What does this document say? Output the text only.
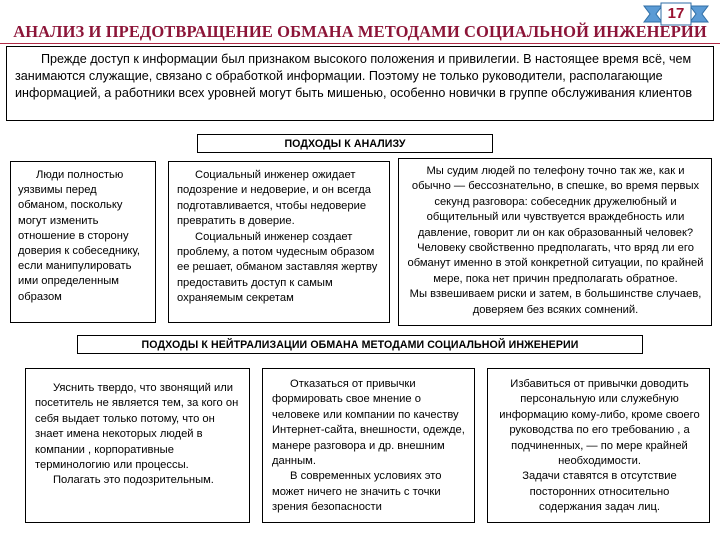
17
АНАЛИЗ И ПРЕДОТВРАЩЕНИЕ ОБМАНА МЕТОДАМИ СОЦИАЛЬНОЙ ИНЖЕНЕРИИ
Прежде доступ к информации был признаком высокого положения и привилегии. В настоящее время всё, чем занимаются служащие, связано с обработкой информации. Поэтому не только руководители, располагающие информацией, а работники всех уровней могут быть мишенью, особенно новички в группе обслуживания клиентов
ПОДХОДЫ К АНАЛИЗУ

Люди полностью уязвимы перед обманом, поскольку могут изменить отношение в сторону доверия к собеседнику, если манипулировать ими определенным образом

Социальный инженер ожидает подозрение и недоверие, и он всегда подготавливается, чтобы недоверие превратить в доверие.

Социальный инженер создает проблему, а потом чудесным образом ее решает, обманом заставляя жертву предоставить доступ к самым охраняемым секретам

Мы судим людей по телефону точно так же, как и обычно — бессознательно, в спешке, во время первых секунд разговора: собеседник дружелюбный и общительный или чувствуется враждебность или давление, говорит ли он как образованный человек?

Человеку свойственно предполагать, что вряд ли его обманут именно в этой конкретной ситуации, по крайней мере, пока нет причин предполагать обратное.

Мы взвешиваем риски и затем, в большинстве случаев, доверяем без всяких сомнений.

ПОДХОДЫ К НЕЙТРАЛИЗАЦИИ ОБМАНА МЕТОДАМИ СОЦИАЛЬНОЙ ИНЖЕНЕРИИ

Уяснить твердо, что звонящий или посетитель не является тем, за кого он себя выдает только потому, что он знает имена некоторых людей в компании , корпоративные терминологию или процессы.

Полагать это подозрительным.

Отказаться от привычки формировать свое мнение о человеке или компании по качеству Интернет-сайта, внешности, одежде, манере разговора и др. внешним данным.

В современных условиях это может ничего не значить с точки зрения безопасности

Избавиться от привычки доводить персональную или служебную информацию кому-либо, кроме своего руководства по его требованию , а подчиненных, — по мере крайней необходимости.

Задачи ставятся в отсутствие посторонних относительно содержания задач лиц.
